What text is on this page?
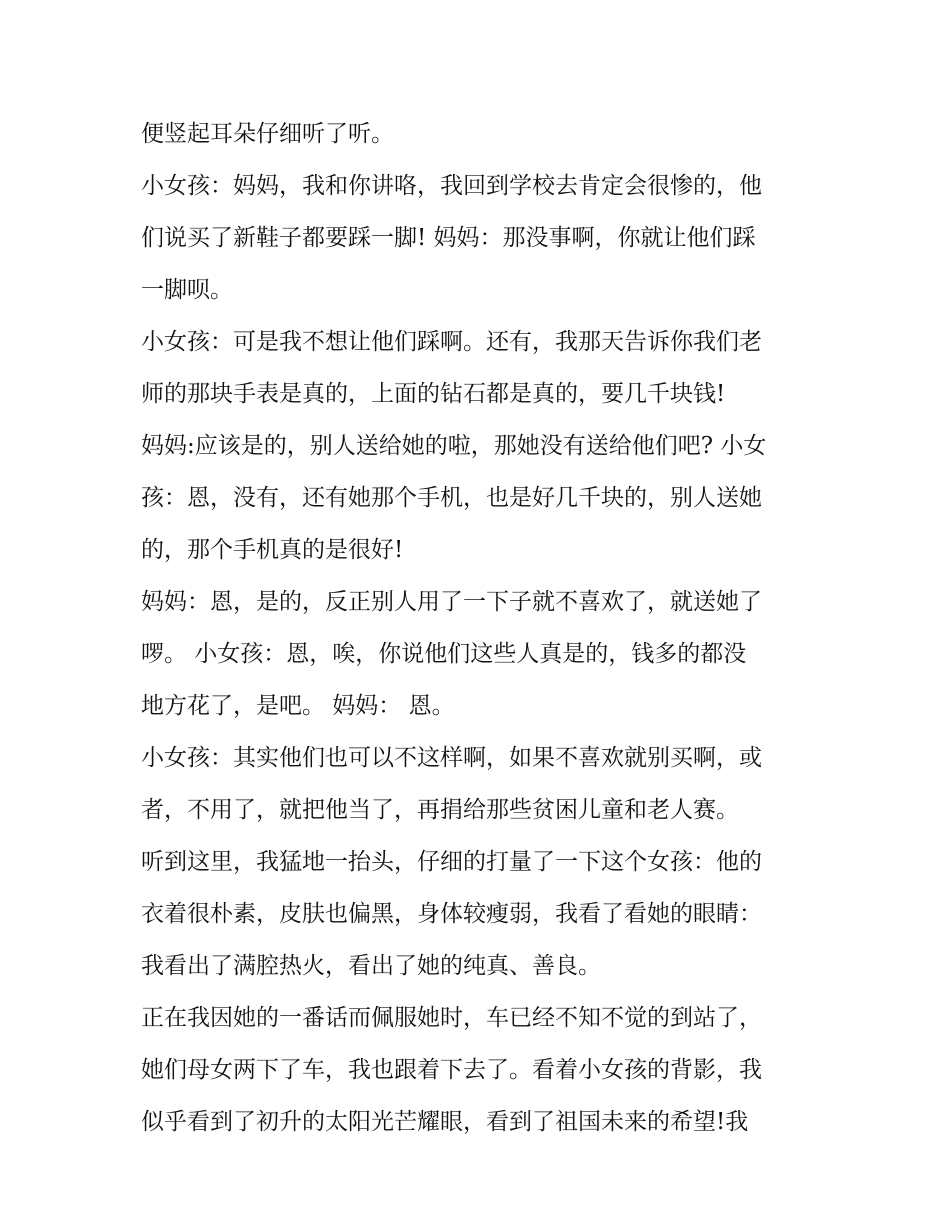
便竖起耳朵仔细听了听。
小女孩：妈妈，我和你讲咯，我回到学校去肯定会很惨的，他
们说买了新鞋子都要踩一脚! 妈妈：那没事啊，你就让他们踩
一脚呗。
小女孩：可是我不想让他们踩啊。还有，我那天告诉你我们老
师的那块手表是真的，上面的钻石都是真的，要几千块钱!
妈妈:应该是的，别人送给她的啦，那她没有送给他们吧? 小女
孩：恩，没有，还有她那个手机，也是好几千块的，别人送她
的，那个手机真的是很好!
妈妈：恩，是的，反正别人用了一下子就不喜欢了，就送她了
啰。 小女孩：恩，唉，你说他们这些人真是的，钱多的都没
地方花了，是吧。 妈妈： 恩。
小女孩：其实他们也可以不这样啊，如果不喜欢就别买啊，或
者，不用了，就把他当了，再捐给那些贫困儿童和老人赛。
听到这里，我猛地一抬头，仔细的打量了一下这个女孩：他的
衣着很朴素，皮肤也偏黑，身体较瘦弱，我看了看她的眼睛：
我看出了满腔热火，看出了她的纯真、善良。
正在我因她的一番话而佩服她时，车已经不知不觉的到站了，
她们母女两下了车，我也跟着下去了。看着小女孩的背影，我
似乎看到了初升的太阳光芒耀眼，看到了祖国未来的希望!我
